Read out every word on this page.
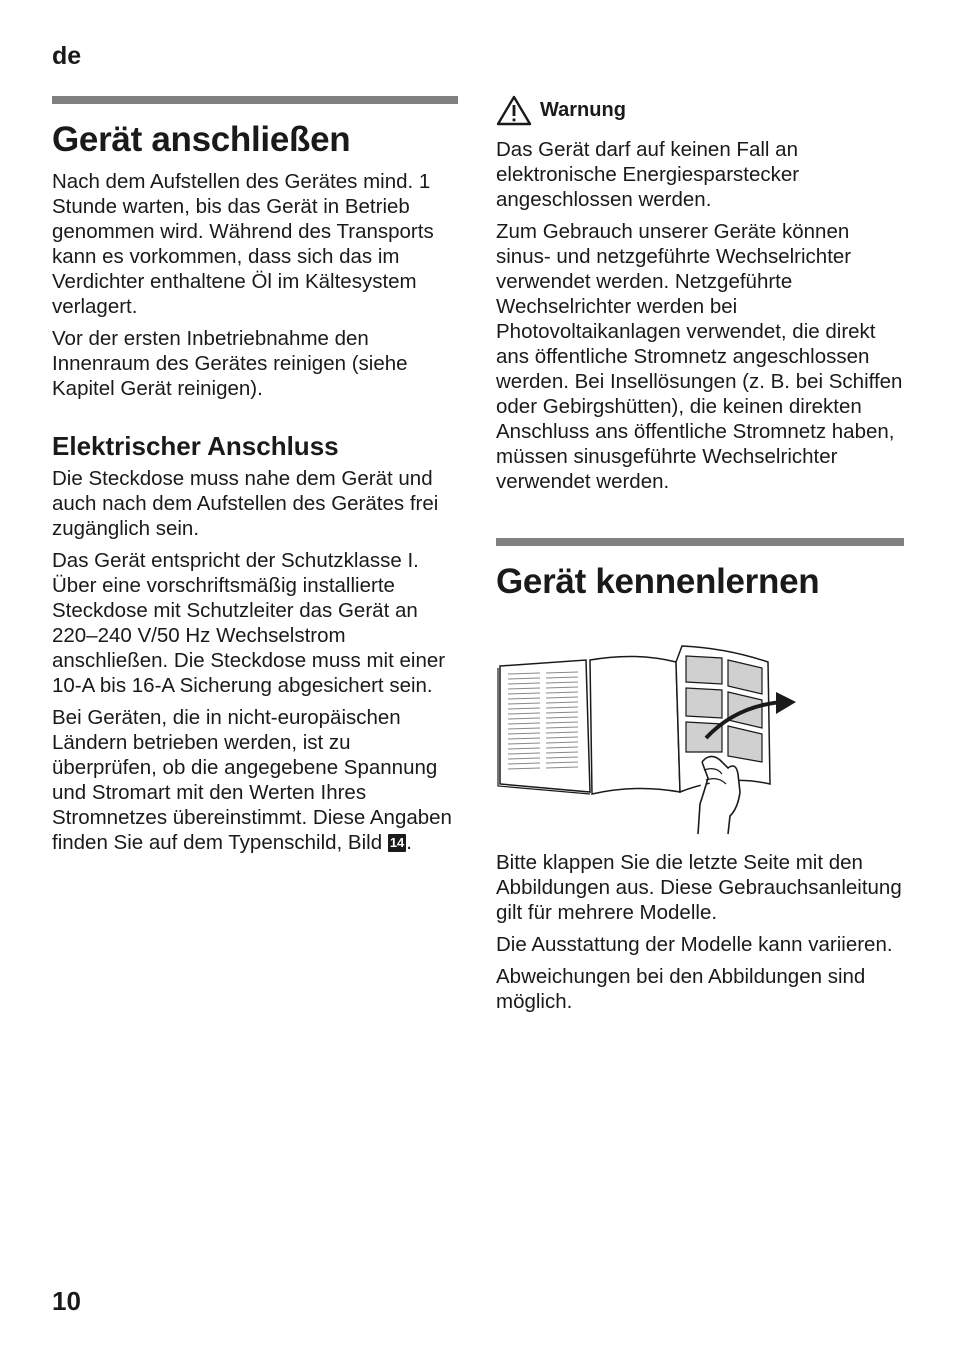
de
Gerät anschließen

Nach dem Aufstellen des Gerätes mind. 1 Stunde warten, bis das Gerät in Betrieb genommen wird. Während des Transports kann es vorkommen, dass sich das im Verdichter enthaltene Öl im Kältesystem verlagert.

Vor der ersten Inbetriebnahme den Innenraum des Gerätes reinigen (siehe Kapitel Gerät reinigen).

Elektrischer Anschluss

Die Steckdose muss nahe dem Gerät und auch nach dem Aufstellen des Gerätes frei zugänglich sein.

Das Gerät entspricht der Schutzklasse I. Über eine vorschriftsmäßig installierte Steckdose mit Schutzleiter das Gerät an 220–240 V/50 Hz Wechselstrom anschließen. Die Steckdose muss mit einer 10-A bis 16-A Sicherung abgesichert sein.

Bei Geräten, die in nicht-europäischen Ländern betrieben werden, ist zu überprüfen, ob die angegebene Spannung und Stromart mit den Werten Ihres Stromnetzes übereinstimmt. Diese Angaben finden Sie auf dem Typenschild, Bild 14.

Warnung

Das Gerät darf auf keinen Fall an elektronische Energiesparstecker angeschlossen werden.

Zum Gebrauch unserer Geräte können sinus- und netzgeführte Wechselrichter verwendet werden. Netzgeführte Wechselrichter werden bei Photovoltaikanlagen verwendet, die direkt ans öffentliche Stromnetz angeschlossen werden. Bei Insellösungen (z. B. bei Schiffen oder Gebirgshütten), die keinen direkten Anschluss ans öffentliche Stromnetz haben, müssen sinusgeführte Wechselrichter verwendet werden.

Gerät kennenlernen

Bitte klappen Sie die letzte Seite mit den Abbildungen aus. Diese Gebrauchsanleitung gilt für mehrere Modelle.

Die Ausstattung der Modelle kann variieren.

Abweichungen bei den Abbildungen sind möglich.

10
